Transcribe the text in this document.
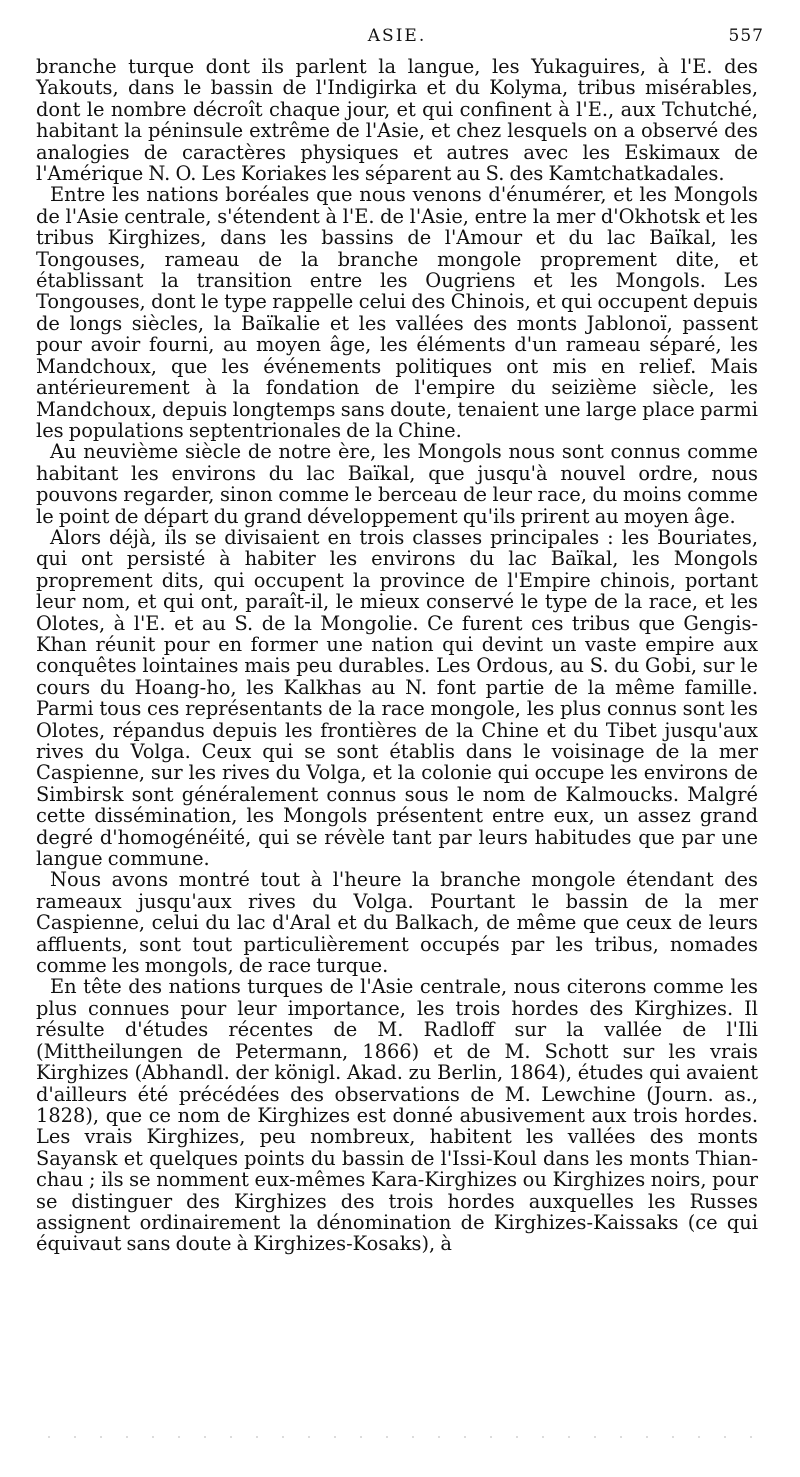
ASIE.	557

branche turque dont ils parlent la langue, les Yukaguires, à l'E. des Yakouts, dans le bassin de l'Indigirka et du Kolyma, tribus misérables, dont le nombre décroît chaque jour, et qui confinent à l'E., aux Tchutché, habitant la péninsule extrême de l'Asie, et chez lesquels on a observé des analogies de caractères physiques et autres avec les Eskimaux de l'Amérique N. O. Les Koriakes les séparent au S. des Kamtchatkadales.

Entre les nations boréales que nous venons d'énumérer, et les Mongols de l'Asie centrale, s'étendent à l'E. de l'Asie, entre la mer d'Okhotsk et les tribus Kirghizes, dans les bassins de l'Amour et du lac Baïkal, les Tongouses, rameau de la branche mongole proprement dite, et établissant la transition entre les Ougriens et les Mongols. Les Tongouses, dont le type rappelle celui des Chinois, et qui occupent depuis de longs siècles, la Baïkalie et les vallées des monts Jablonoï, passent pour avoir fourni, au moyen âge, les éléments d'un rameau séparé, les Mandchoux, que les événements politiques ont mis en relief. Mais antérieurement à la fondation de l'empire du seizième siècle, les Mandchoux, depuis longtemps sans doute, tenaient une large place parmi les populations septentrionales de la Chine.

Au neuvième siècle de notre ère, les Mongols nous sont connus comme habitant les environs du lac Baïkal, que jusqu'à nouvel ordre, nous pouvons regarder, sinon comme le berceau de leur race, du moins comme le point de départ du grand développement qu'ils prirent au moyen âge.

Alors déjà, ils se divisaient en trois classes principales : les Bouriates, qui ont persisté à habiter les environs du lac Baïkal, les Mongols proprement dits, qui occupent la province de l'Empire chinois, portant leur nom, et qui ont, paraît-il, le mieux conservé le type de la race, et les Olotes, à l'E. et au S. de la Mongolie. Ce furent ces tribus que Gengis-Khan réunit pour en former une nation qui devint un vaste empire aux conquêtes lointaines mais peu durables. Les Ordous, au S. du Gobi, sur le cours du Hoang-ho, les Kalkhas au N. font partie de la même famille. Parmi tous ces représentants de la race mongole, les plus connus sont les Olotes, répandus depuis les frontières de la Chine et du Tibet jusqu'aux rives du Volga. Ceux qui se sont établis dans le voisinage de la mer Caspienne, sur les rives du Volga, et la colonie qui occupe les environs de Simbirsk sont généralement connus sous le nom de Kalmoucks. Malgré cette dissémination, les Mongols présentent entre eux, un assez grand degré d'homogénéité, qui se révèle tant par leurs habitudes que par une langue commune.

Nous avons montré tout à l'heure la branche mongole étendant des rameaux jusqu'aux rives du Volga. Pourtant le bassin de la mer Caspienne, celui du lac d'Aral et du Balkach, de même que ceux de leurs affluents, sont tout particulièrement occupés par les tribus, nomades comme les mongols, de race turque.

En tête des nations turques de l'Asie centrale, nous citerons comme les plus connues pour leur importance, les trois hordes des Kirghizes. Il résulte d'études récentes de M. Radloff sur la vallée de l'Ili (Mittheilungen de Petermann, 1866) et de M. Schott sur les vrais Kirghizes (Abhandl. der königl. Akad. zu Berlin, 1864), études qui avaient d'ailleurs été précédées des observations de M. Lewchine (Journ. as., 1828), que ce nom de Kirghizes est donné abusivement aux trois hordes. Les vrais Kirghizes, peu nombreux, habitent les vallées des monts Sayansk et quelques points du bassin de l'Issi-Koul dans les monts Thian-chau ; ils se nomment eux-mêmes Kara-Kirghizes ou Kirghizes noirs, pour se distinguer des Kirghizes des trois hordes auxquelles les Russes assignent ordinairement la dénomination de Kirghizes-Kaissaks (ce qui équivaut sans doute à Kirghizes-Kosaks), à
